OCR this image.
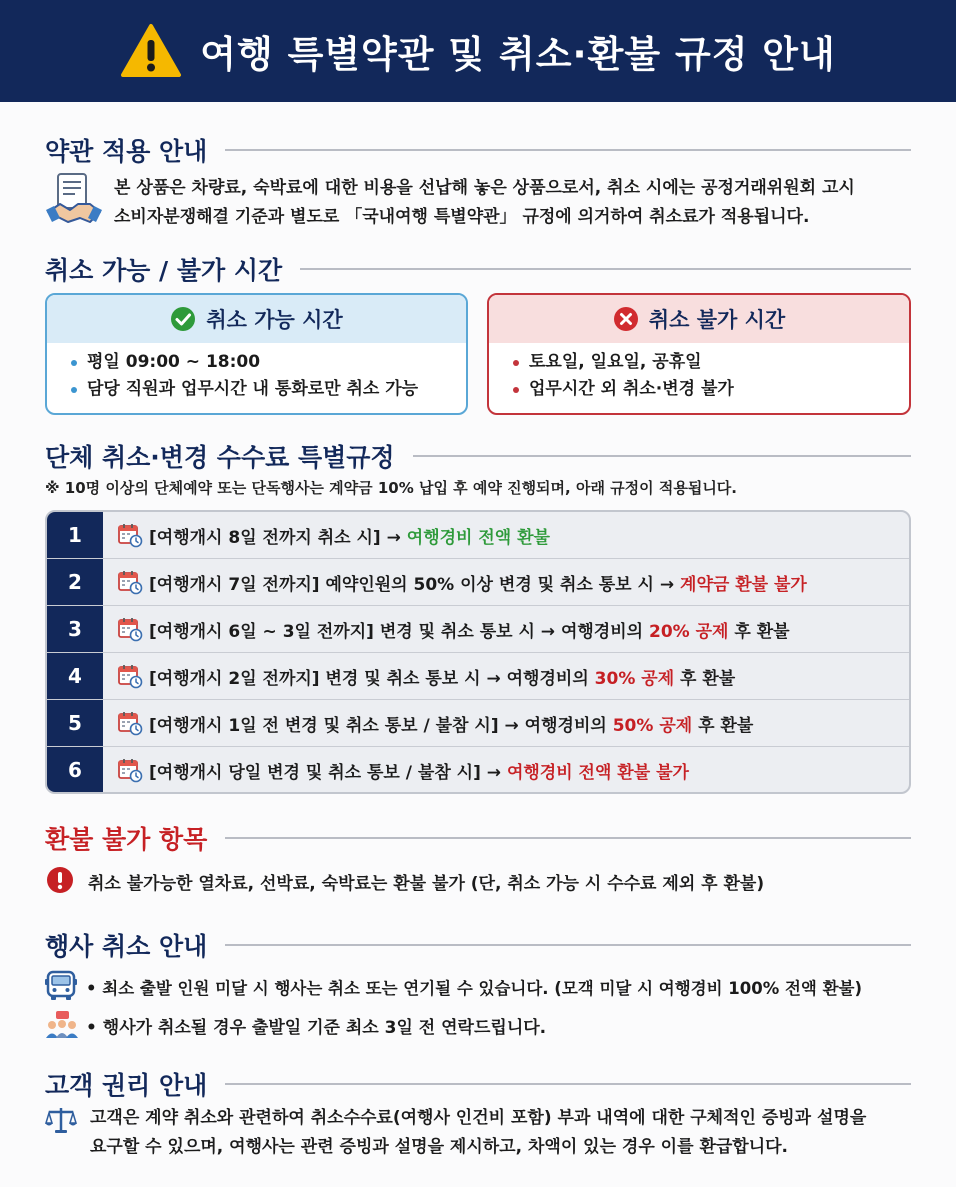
여행 특별약관 및 취소·환불 규정 안내
약관 적용 안내
본 상품은 차량료, 숙박료에 대한 비용을 선납해 놓은 상품으로서, 취소 시에는 공정거래위원회 고시
소비자분쟁해결 기준과 별도로 「국내여행 특별약관」 규정에 의거하여 취소료가 적용됩니다.
취소 가능 / 불가 시간
취소 가능 시간
평일 09:00 ~ 18:00
담당 직원과 업무시간 내 통화로만 취소 가능
취소 불가 시간
토요일, 일요일, 공휴일
업무시간 외 취소·변경 불가
단체 취소·변경 수수료 특별규정
※ 10명 이상의 단체예약 또는 단독행사는 계약금 10% 납입 후 예약 진행되며, 아래 규정이 적용됩니다.
1	[여행개시 8일 전까지 취소 시] → 여행경비 전액 환불
2	[여행개시 7일 전까지] 예약인원의 50% 이상 변경 및 취소 통보 시 → 계약금 환불 불가
3	[여행개시 6일 ~ 3일 전까지] 변경 및 취소 통보 시 → 여행경비의 20% 공제 후 환불
4	[여행개시 2일 전까지] 변경 및 취소 통보 시 → 여행경비의 30% 공제 후 환불
5	[여행개시 1일 전 변경 및 취소 통보 / 불참 시] → 여행경비의 50% 공제 후 환불
6	[여행개시 당일 변경 및 취소 통보 / 불참 시] → 여행경비 전액 환불 불가
환불 불가 항목
취소 불가능한 열차료, 선박료, 숙박료는 환불 불가 (단, 취소 가능 시 수수료 제외 후 환불)
행사 취소 안내
• 최소 출발 인원 미달 시 행사는 취소 또는 연기될 수 있습니다. (모객 미달 시 여행경비 100% 전액 환불)
• 행사가 취소될 경우 출발일 기준 최소 3일 전 연락드립니다.
고객 권리 안내
고객은 계약 취소와 관련하여 취소수수료(여행사 인건비 포함) 부과 내역에 대한 구체적인 증빙과 설명을
요구할 수 있으며, 여행사는 관련 증빙과 설명을 제시하고, 차액이 있는 경우 이를 환급합니다.
